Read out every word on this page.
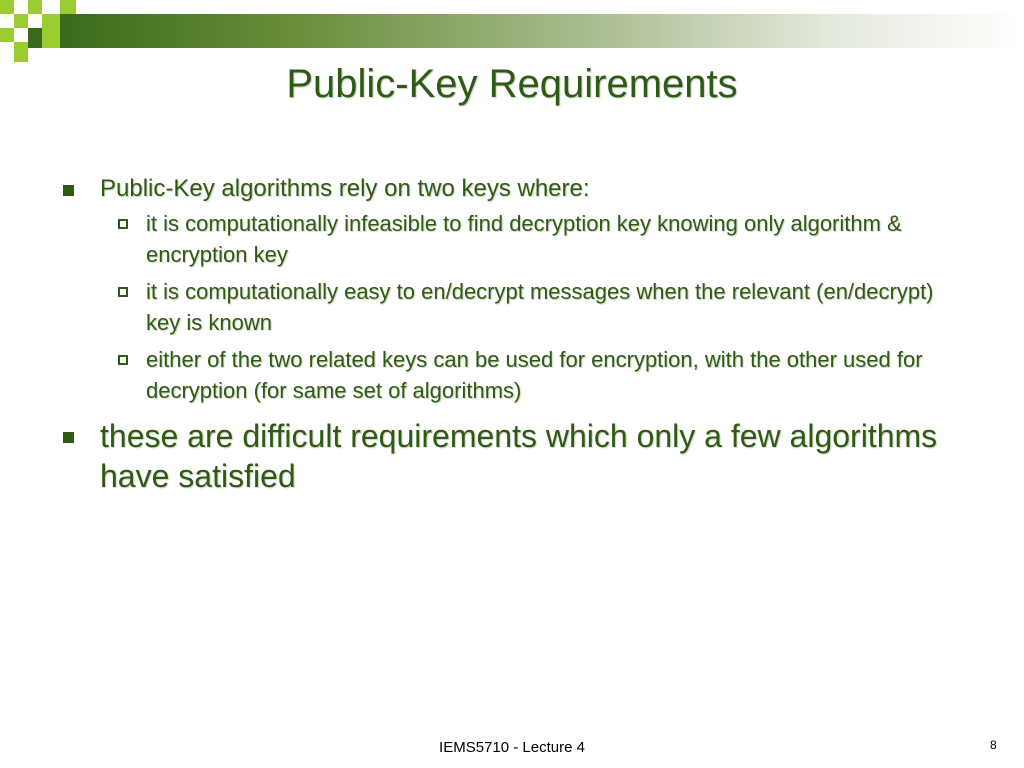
Public-Key Requirements
Public-Key algorithms rely on two keys where:
it is computationally infeasible to find decryption key knowing only algorithm & encryption key
it is computationally easy to en/decrypt messages when the relevant (en/decrypt) key is known
either of the two related keys can be used for encryption, with the other used for decryption (for same set of algorithms)
these are difficult requirements which only a few algorithms have satisfied
IEMS5710 - Lecture 4	8
